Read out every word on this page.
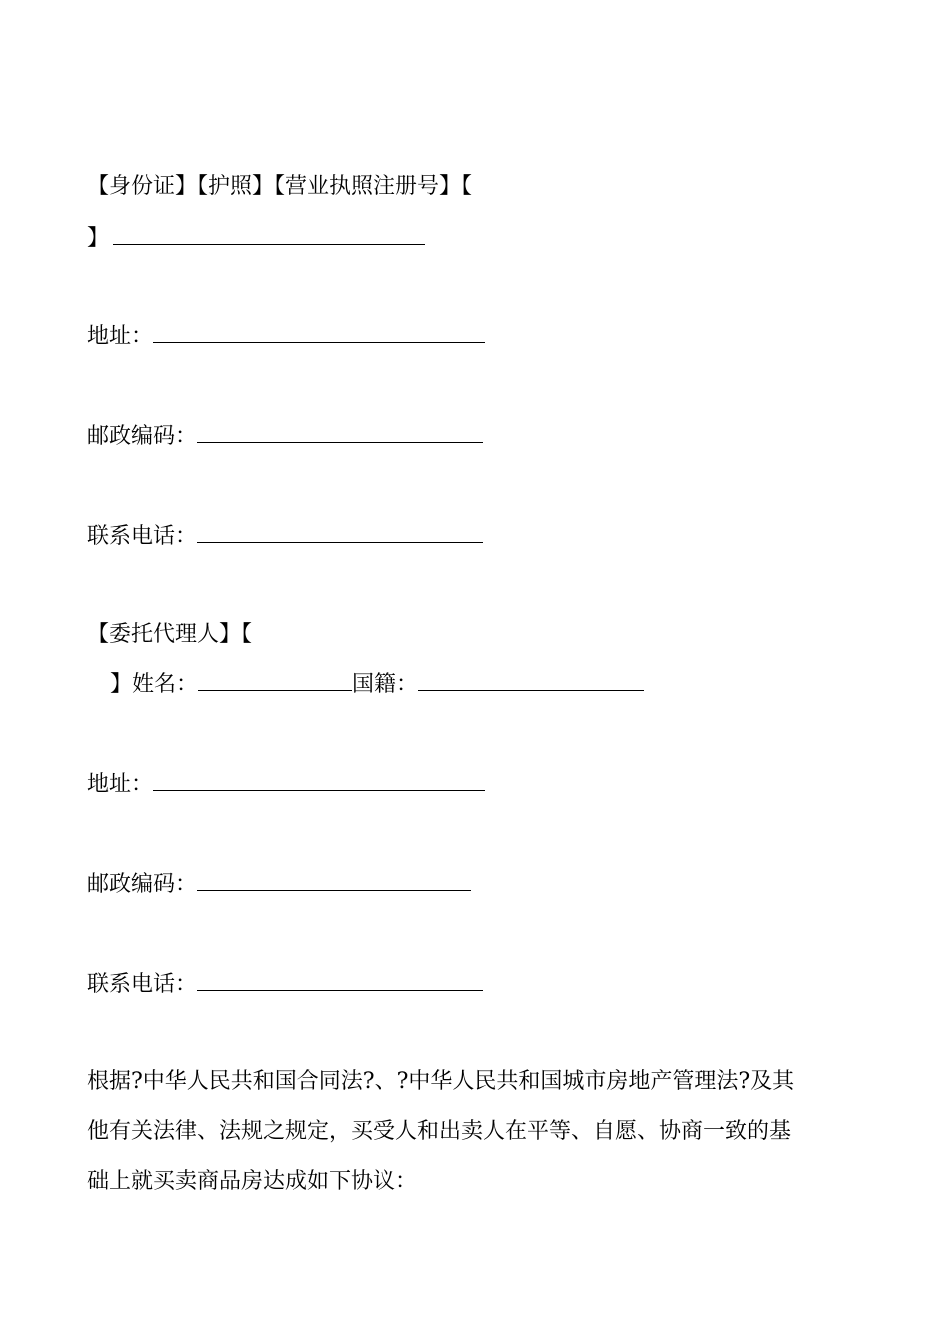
【身份证】【护照】【营业执照注册号】【
】
地址：
邮政编码：
联系电话：
【委托代理人】【
】姓名：	国籍：
地址：
邮政编码：
联系电话：
根据?中华人民共和国合同法?、?中华人民共和国城市房地产管理法?及其
他有关法律、法规之规定，买受人和出卖人在平等、自愿、协商一致的基
础上就买卖商品房达成如下协议：
